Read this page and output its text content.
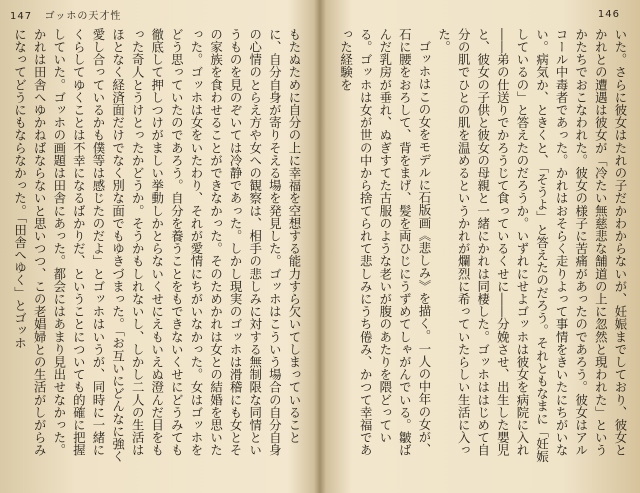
147 ゴッホの天才性	146

いた。さらに彼女はたれの子だかわからないが、妊娠までしており、彼女とかれとの遭遇は彼女が「冷たい無慈悲な舗道の上に忽然と現われた」というかたちでおこなわれた。彼女の様子に苦痛があったのであろう。彼女はアルコール中毒者であった。かれはおそらく走りよって事情をきいたにちがいない。病気か、ときくと、「そうよ」と答えたのだろう。それともなまに「妊娠しているの」と答えたのだろうか。いずれにせよゴッホは彼女を病院に入れ――弟の仕送りでかろうじて食っているくせに――分娩させ、出生した嬰児と、彼女の子供と彼女の母親と一緒にかれは同棲した。ゴッホははじめて自分の肌でひとの肌を温めるというかれが爛烈に希っていたらしい生活に入った。

ゴッホはこの女をモデルに石版画《悲しみ》を描く。一人の中年の女が、石に腰をおろして、背をまげ、髪を両ひじにうずめてしゃがんでいる。皺ばんだ乳房が垂れ、ぬぎすてた古服のような老いが腹のあたりを隈どっている。ゴッホは女が世の中から捨てられて悲しみにうち倦み、かつて幸福であった経験を

もたぬために自分の上に幸福を空想する能力すら欠いてしまっていることに、自分自身が寄りそえる場を発見した。ゴッホはこういう場合の自分自身の心情のとらえ方や女への観察は、相手の悲しみに対する無制限な同情というものを見のぞいては冷静であった。しかし現実のゴッホは滑稽にも女とその家族を食わせることができなかった。そのためかれは女との結婚を思いたった。ゴッホは女をいたわり、それが愛情にちがいなかった。女はゴッホをどう思っていたのであろう。自分を養うことをもできないくせにどうみても徹底して押しつけがましい挙動しかとらないくせにえもいえぬ澄んだ目をもった奇人とうけとったかどうか。そうかもしれないし、しかし二人の生活はほとなく経済面だけでなく別な面でもゆきづまった。「お互いにどんなに強く愛し合っているかも僕等は感じたのだよ」とゴッホはいうが、同時に一緒にくらしてゆくことは不幸になるばかりだ、ということについても的確に把握していた。ゴッホの画題は田舎にあった。都会にはあまり見出せなかった。かれは田舎へゆかねばならないと思いつつ、この老娼婦との生活がしがらみになってどうにもならなかった。「田舎へゆく」とゴッホ
